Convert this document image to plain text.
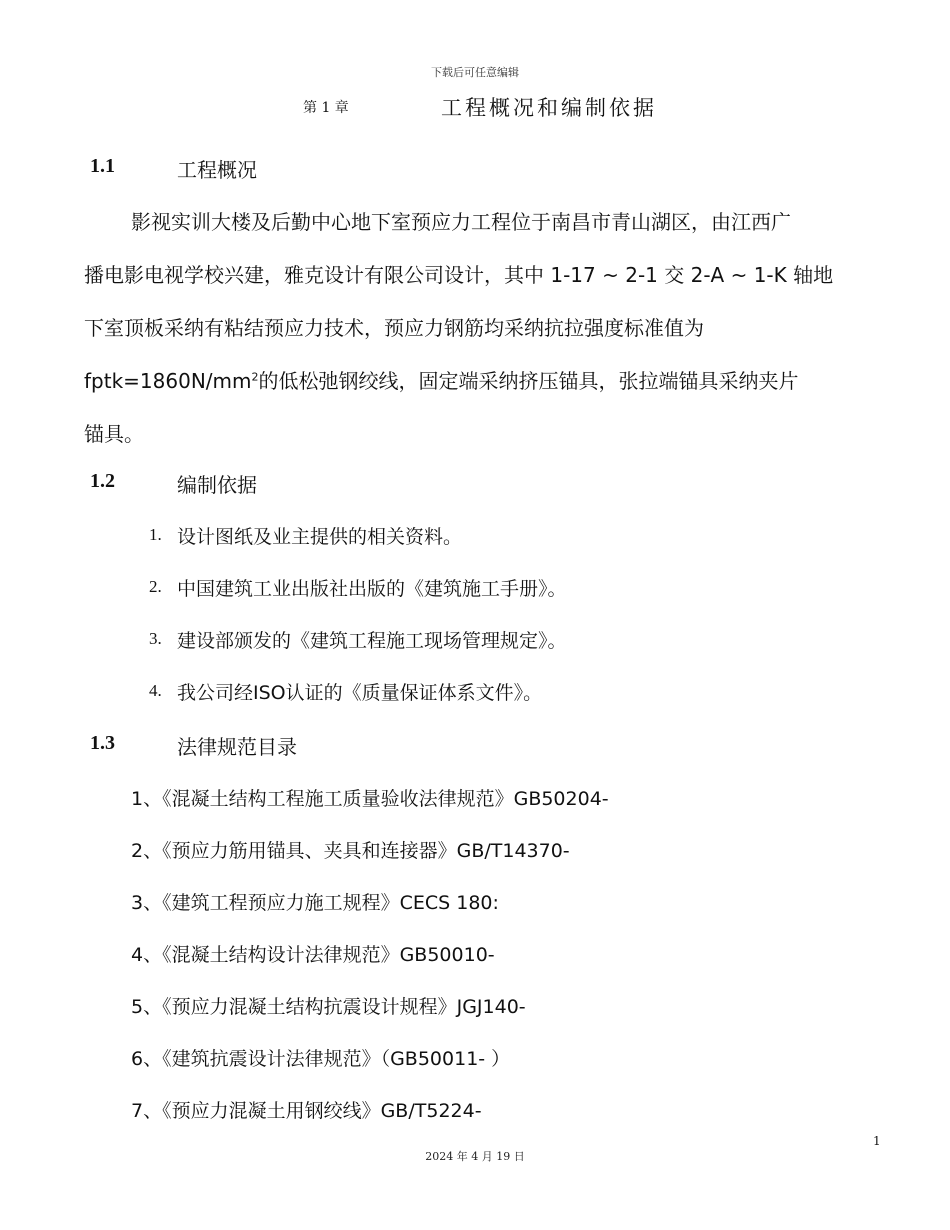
下载后可任意编辑
第 1 章	工程概况和编制依据
1.1	工程概况
影视实训大楼及后勤中心地下室预应力工程位于南昌市青山湖区，由江西广
播电影电视学校兴建，雅克设计有限公司设计，其中 1-17 ~ 2-1 交 2-A ~ 1-K 轴地
下室顶板采纳有粘结预应力技术，预应力钢筋均采纳抗拉强度标准值为
$fptk=1860N/mm^2$的低松弛钢绞线，固定端采纳挤压锚具，张拉端锚具采纳夹片
锚具。
1.2	编制依据
1. 设计图纸及业主提供的相关资料。
2. 中国建筑工业出版社出版的《建筑施工手册》。
3. 建设部颁发的《建筑工程施工现场管理规定》。
4. 我公司经ISO认证的《质量保证体系文件》。
1.3	法律规范目录
1、《混凝土结构工程施工质量验收法律规范》GB50204-
2、《预应力筋用锚具、夹具和连接器》GB/T14370-
3、《建筑工程预应力施工规程》CECS 180:
4、《混凝土结构设计法律规范》GB50010-
5、《预应力混凝土结构抗震设计规程》JGJ140-
6、《建筑抗震设计法律规范》（GB50011- ）
7、《预应力混凝土用钢绞线》GB/T5224-
1
2024 年 4 月 19 日
